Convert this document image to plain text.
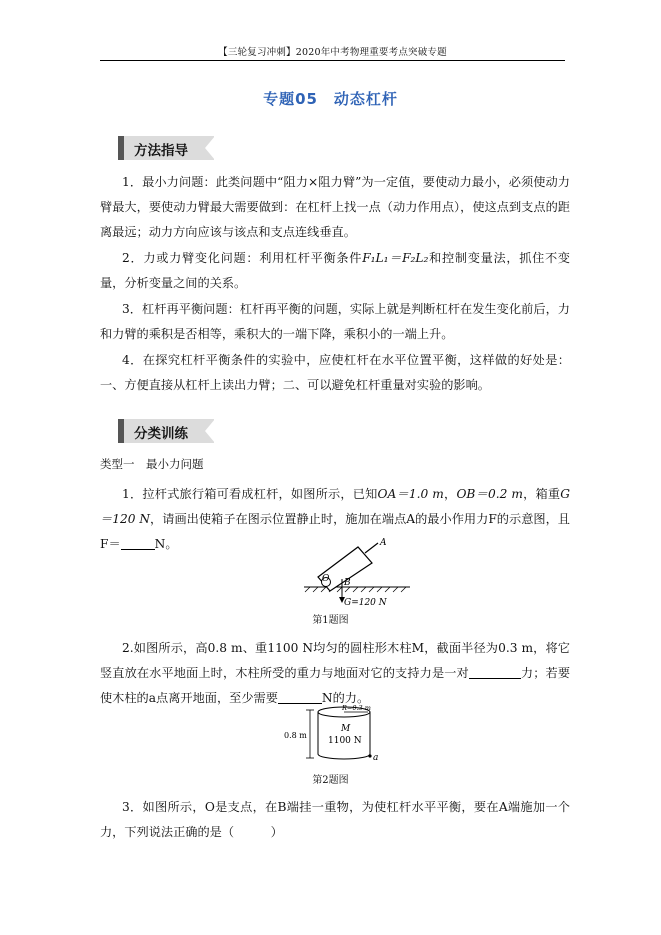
【三轮复习冲刺】2020年中考物理重要考点突破专题
专题05　动态杠杆
方法指导
1．最小力问题：此类问题中“阻力×阻力臂”为一定值，要使动力最小，必须使动力臂最大，要使动力臂最大需要做到：在杠杆上找一点（动力作用点），使这点到支点的距离最远；动力方向应该与该点和支点连线垂直。
2．力或力臂变化问题：利用杠杆平衡条件F₁L₁＝F₂L₂和控制变量法，抓住不变量，分析变量之间的关系。
3．杠杆再平衡问题：杠杆再平衡的问题，实际上就是判断杠杆在发生变化前后，力和力臂的乘积是否相等，乘积大的一端下降，乘积小的一端上升。
4．在探究杠杆平衡条件的实验中，应使杠杆在水平位置平衡，这样做的好处是：一、方便直接从杠杆上读出力臂；二、可以避免杠杆重量对实验的影响。
分类训练
类型一　最小力问题
1．拉杆式旅行箱可看成杠杆，如图所示，已知OA＝1.0 m，OB＝0.2 m，箱重G＝120 N，请画出使箱子在图示位置静止时，施加在端点A的最小作用力F的示意图，且F＝	N。	A
O B
G=120 N
第1题图
2.如图所示，高0.8 m、重1100 N均匀的圆柱形木柱M，截面半径为0.3 m，将它竖直放在水平地面上时，木柱所受的重力与地面对它的支持力是一对	力；若要使木柱的a点离开地面，至少需要	N的力。
R=0.3 m
0.8 m
M
1100 N
a
第2题图
3．如图所示，O是支点，在B端挂一重物，为使杠杆水平平衡，要在A端施加一个力，下列说法正确的是（　　　）
